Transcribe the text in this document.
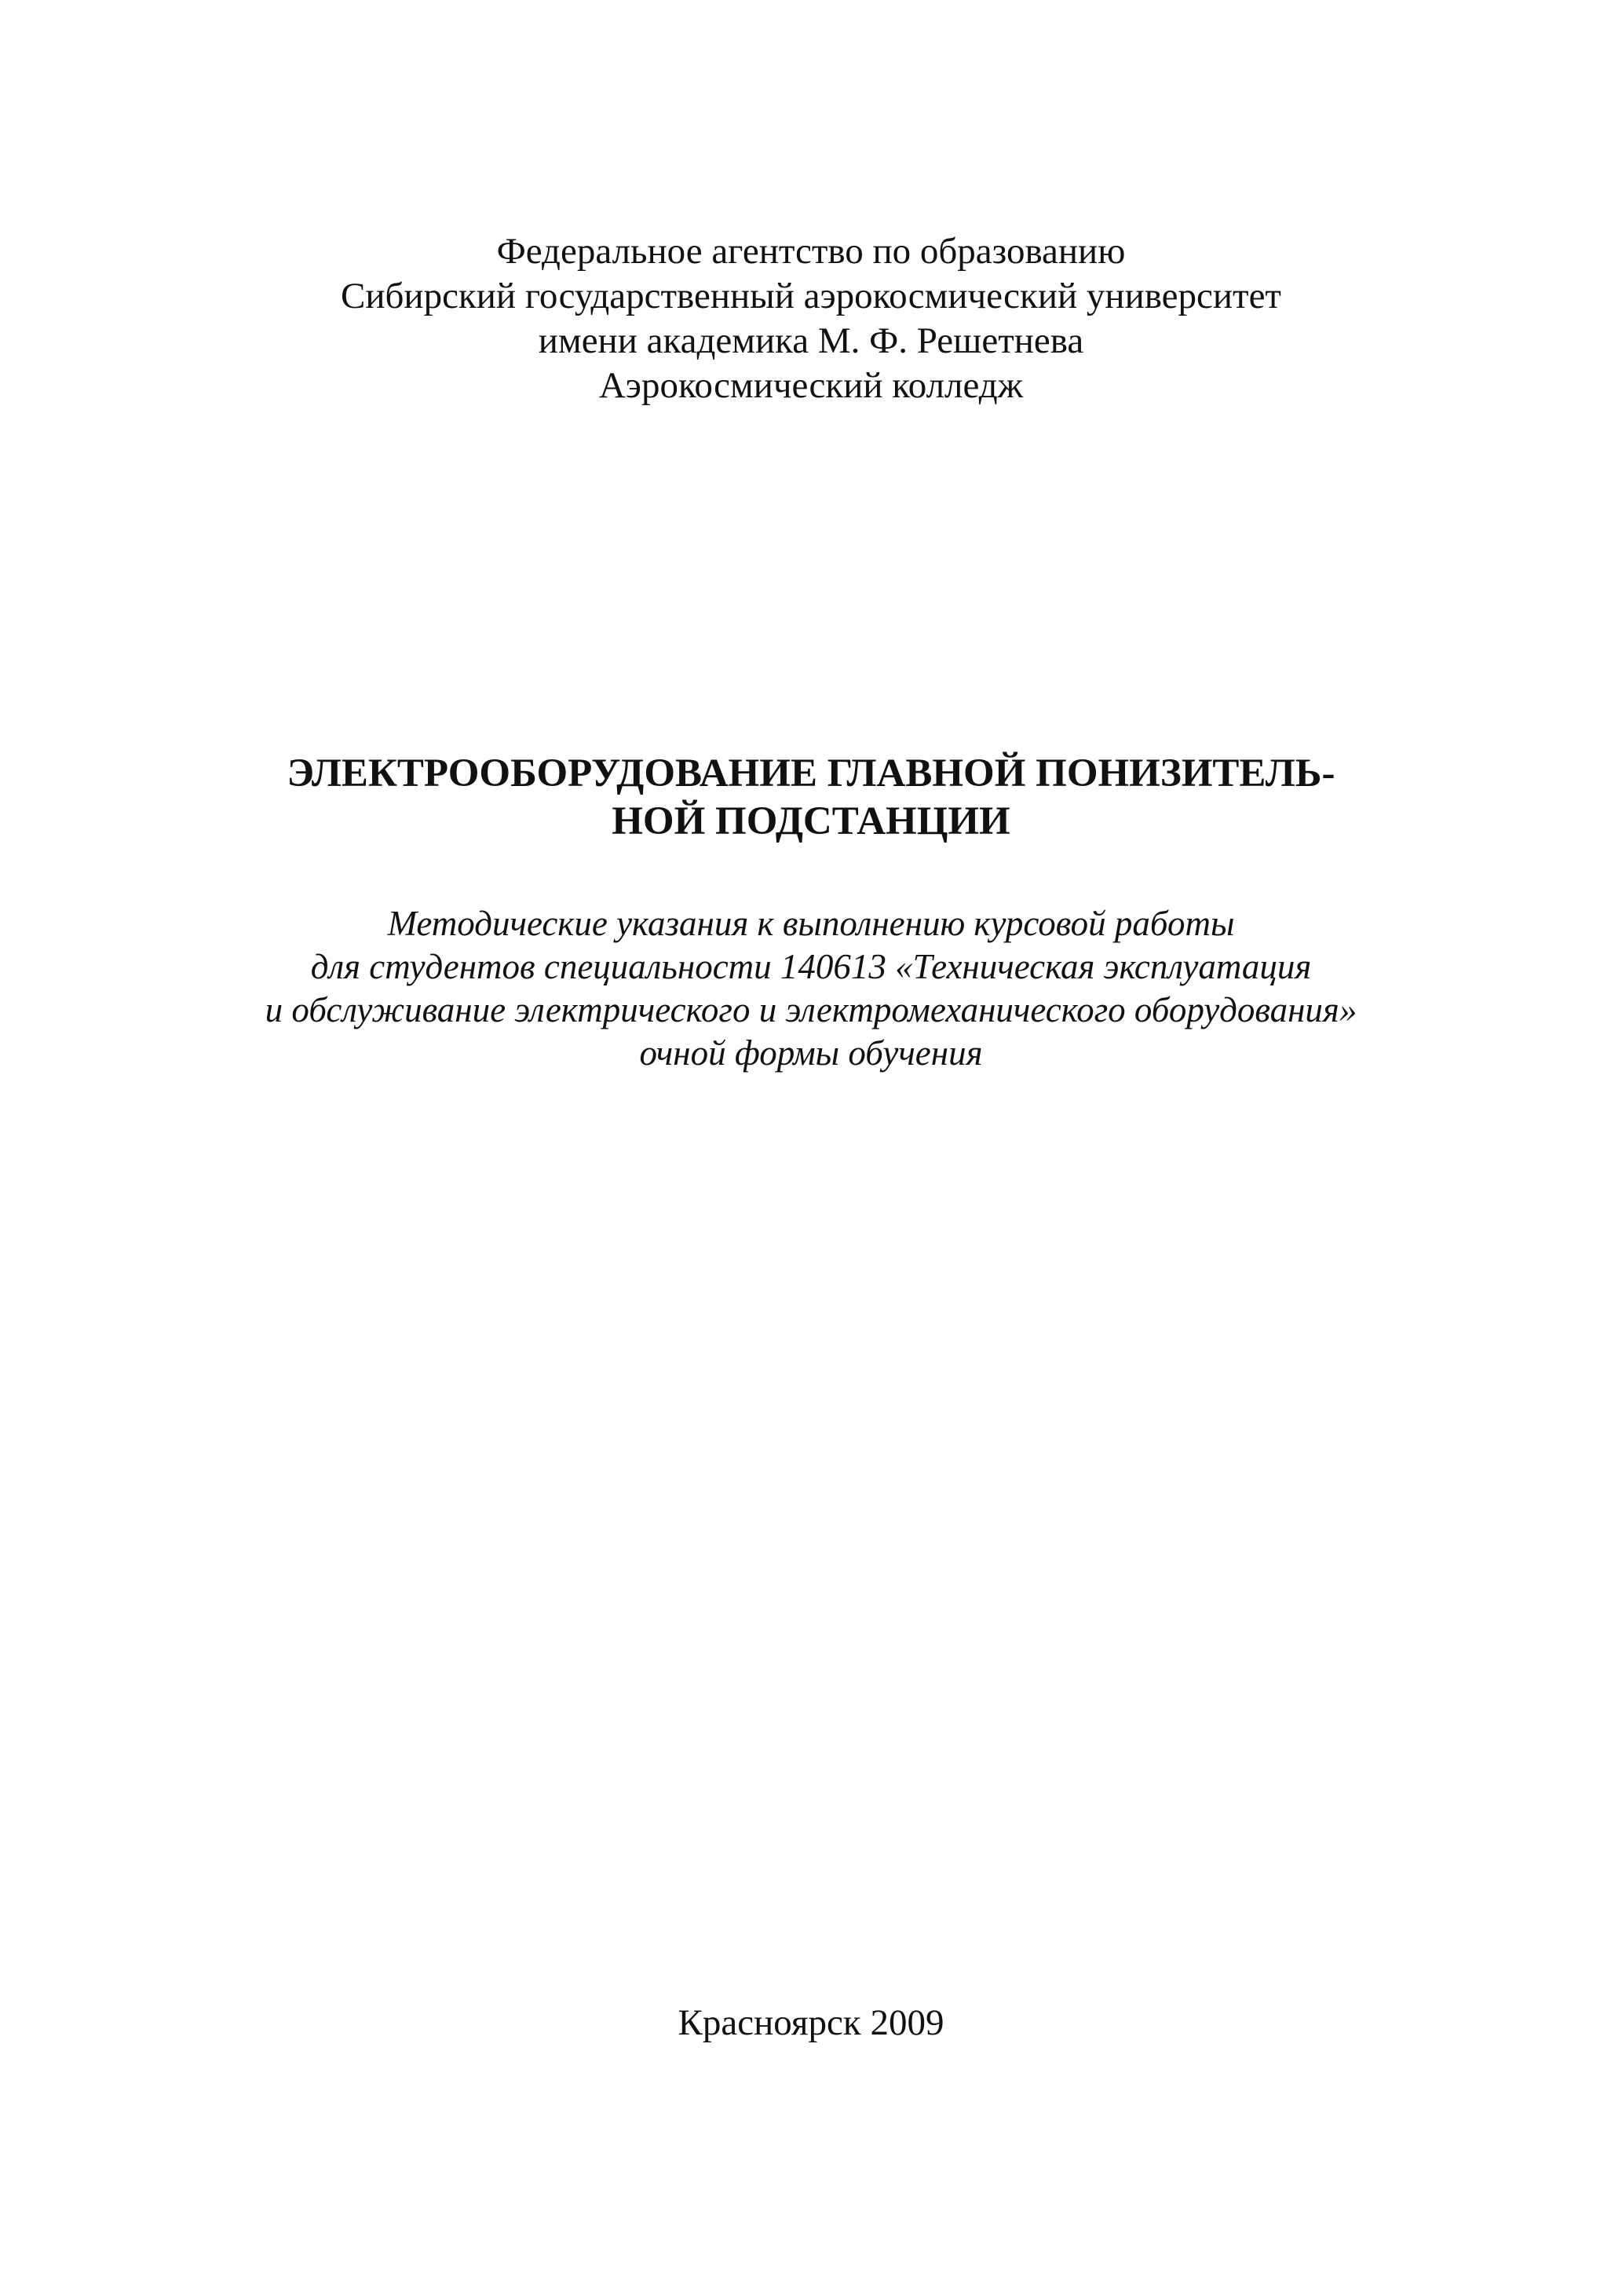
Федеральное агентство по образованию
Сибирский государственный аэрокосмический университет
имени академика М. Ф. Решетнева
Аэрокосмический колледж
ЭЛЕКТРООБОРУДОВАНИЕ ГЛАВНОЙ ПОНИЗИТЕЛЬ-
НОЙ ПОДСТАНЦИИ
Методические указания к выполнению курсовой работы
для студентов специальности 140613 «Техническая эксплуатация
и обслуживание электрического и электромеханического оборудования»
очной формы обучения
Красноярск 2009
